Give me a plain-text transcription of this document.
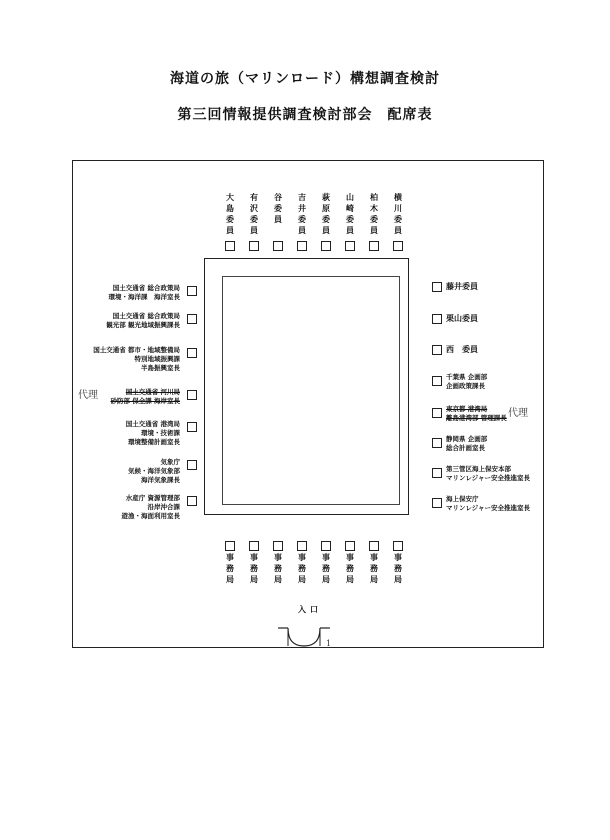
海道の旅（マリンロード）構想調査検討
第三回情報提供調査検討部会　配席表
大島委員
有沢委員
谷委員
吉井委員
萩原委員
山崎委員
柏木委員
横川委員
事務局
事務局
事務局
事務局
事務局
事務局
事務局
事務局
国土交通省 総合政策局
環境・海洋課　海洋室長
国土交通省 総合政策局
観光部 観光地域振興課長
国土交通省 都市・地域整備局
特別地域振興課
半島振興室長
国土交通省 河川局
砂防部 保全課 海岸室長
代理
国土交通省 港湾局
環境・技術課
環境整備計画室長
気象庁
気候・海洋気象部
海洋気象課長
水産庁 資源管理部
沿岸沖合課
遊漁・海面利用室長
藤井委員
栗山委員
西　委員
千葉県 企画部
企画政策課長
東京都 港湾局
離島港湾部 管理課長 代理
静岡県 企画部
総合計画室長
第三管区海上保安本部
マリンレジャー安全推進室長
海上保安庁
マリンレジャー安全推進室長
入口
1
